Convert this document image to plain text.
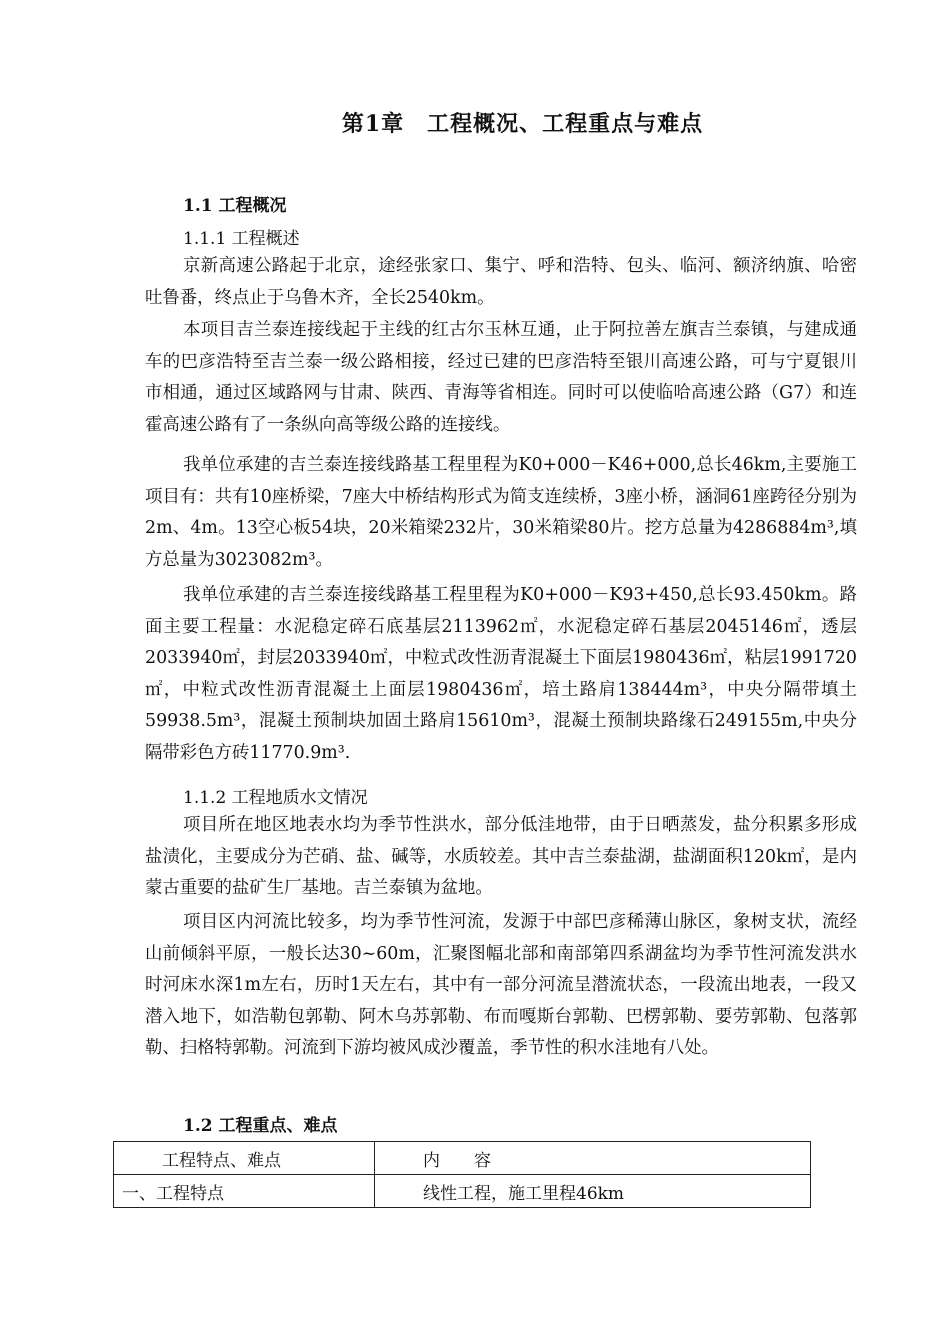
第1章　工程概况、工程重点与难点
1.1 工程概况
1.1.1 工程概述
京新高速公路起于北京，途经张家口、集宁、呼和浩特、包头、临河、额济纳旗、哈密吐鲁番，终点止于乌鲁木齐，全长2540km。
本项目吉兰泰连接线起于主线的红古尔玉林互通，止于阿拉善左旗吉兰泰镇，与建成通车的巴彦浩特至吉兰泰一级公路相接，经过已建的巴彦浩特至银川高速公路，可与宁夏银川市相通，通过区域路网与甘肃、陕西、青海等省相连。同时可以使临哈高速公路（G7）和连霍高速公路有了一条纵向高等级公路的连接线。
我单位承建的吉兰泰连接线路基工程里程为K0+000－K46+000,总长46km,主要施工项目有：共有10座桥梁，7座大中桥结构形式为简支连续桥，3座小桥，涵洞61座跨径分别为2m、4m。13空心板54块，20米箱梁232片，30米箱梁80片。挖方总量为4286884m³,填方总量为3023082m³。
我单位承建的吉兰泰连接线路基工程里程为K0+000－K93+450,总长93.450km。路面主要工程量：水泥稳定碎石底基层2113962㎡，水泥稳定碎石基层2045146㎡，透层2033940㎡，封层2033940㎡，中粒式改性沥青混凝土下面层1980436㎡，粘层1991720㎡，中粒式改性沥青混凝土上面层1980436㎡，培土路肩138444m³，中央分隔带填土59938.5m³，混凝土预制块加固土路肩15610m³，混凝土预制块路缘石249155m,中央分隔带彩色方砖11770.9m³.
1.1.2 工程地质水文情况
项目所在地区地表水均为季节性洪水，部分低洼地带，由于日晒蒸发，盐分积累多形成盐渍化，主要成分为芒硝、盐、碱等，水质较差。其中吉兰泰盐湖，盐湖面积120k㎡，是内蒙古重要的盐矿生厂基地。吉兰泰镇为盆地。
项目区内河流比较多，均为季节性河流，发源于中部巴彦稀薄山脉区，象树支状，流经山前倾斜平原，一般长达30~60m，汇聚图幅北部和南部第四系湖盆均为季节性河流发洪水时河床水深1m左右，历时1天左右，其中有一部分河流呈潜流状态，一段流出地表，一段又潜入地下，如浩勒包郭勒、阿木乌苏郭勒、布而嘎斯台郭勒、巴楞郭勒、要劳郭勒、包落郭勒、扫格特郭勒。河流到下游均被风成沙覆盖，季节性的积水洼地有八处。
1.2 工程重点、难点
工程特点、难点	内　　容
一、工程特点	线性工程，施工里程46km
